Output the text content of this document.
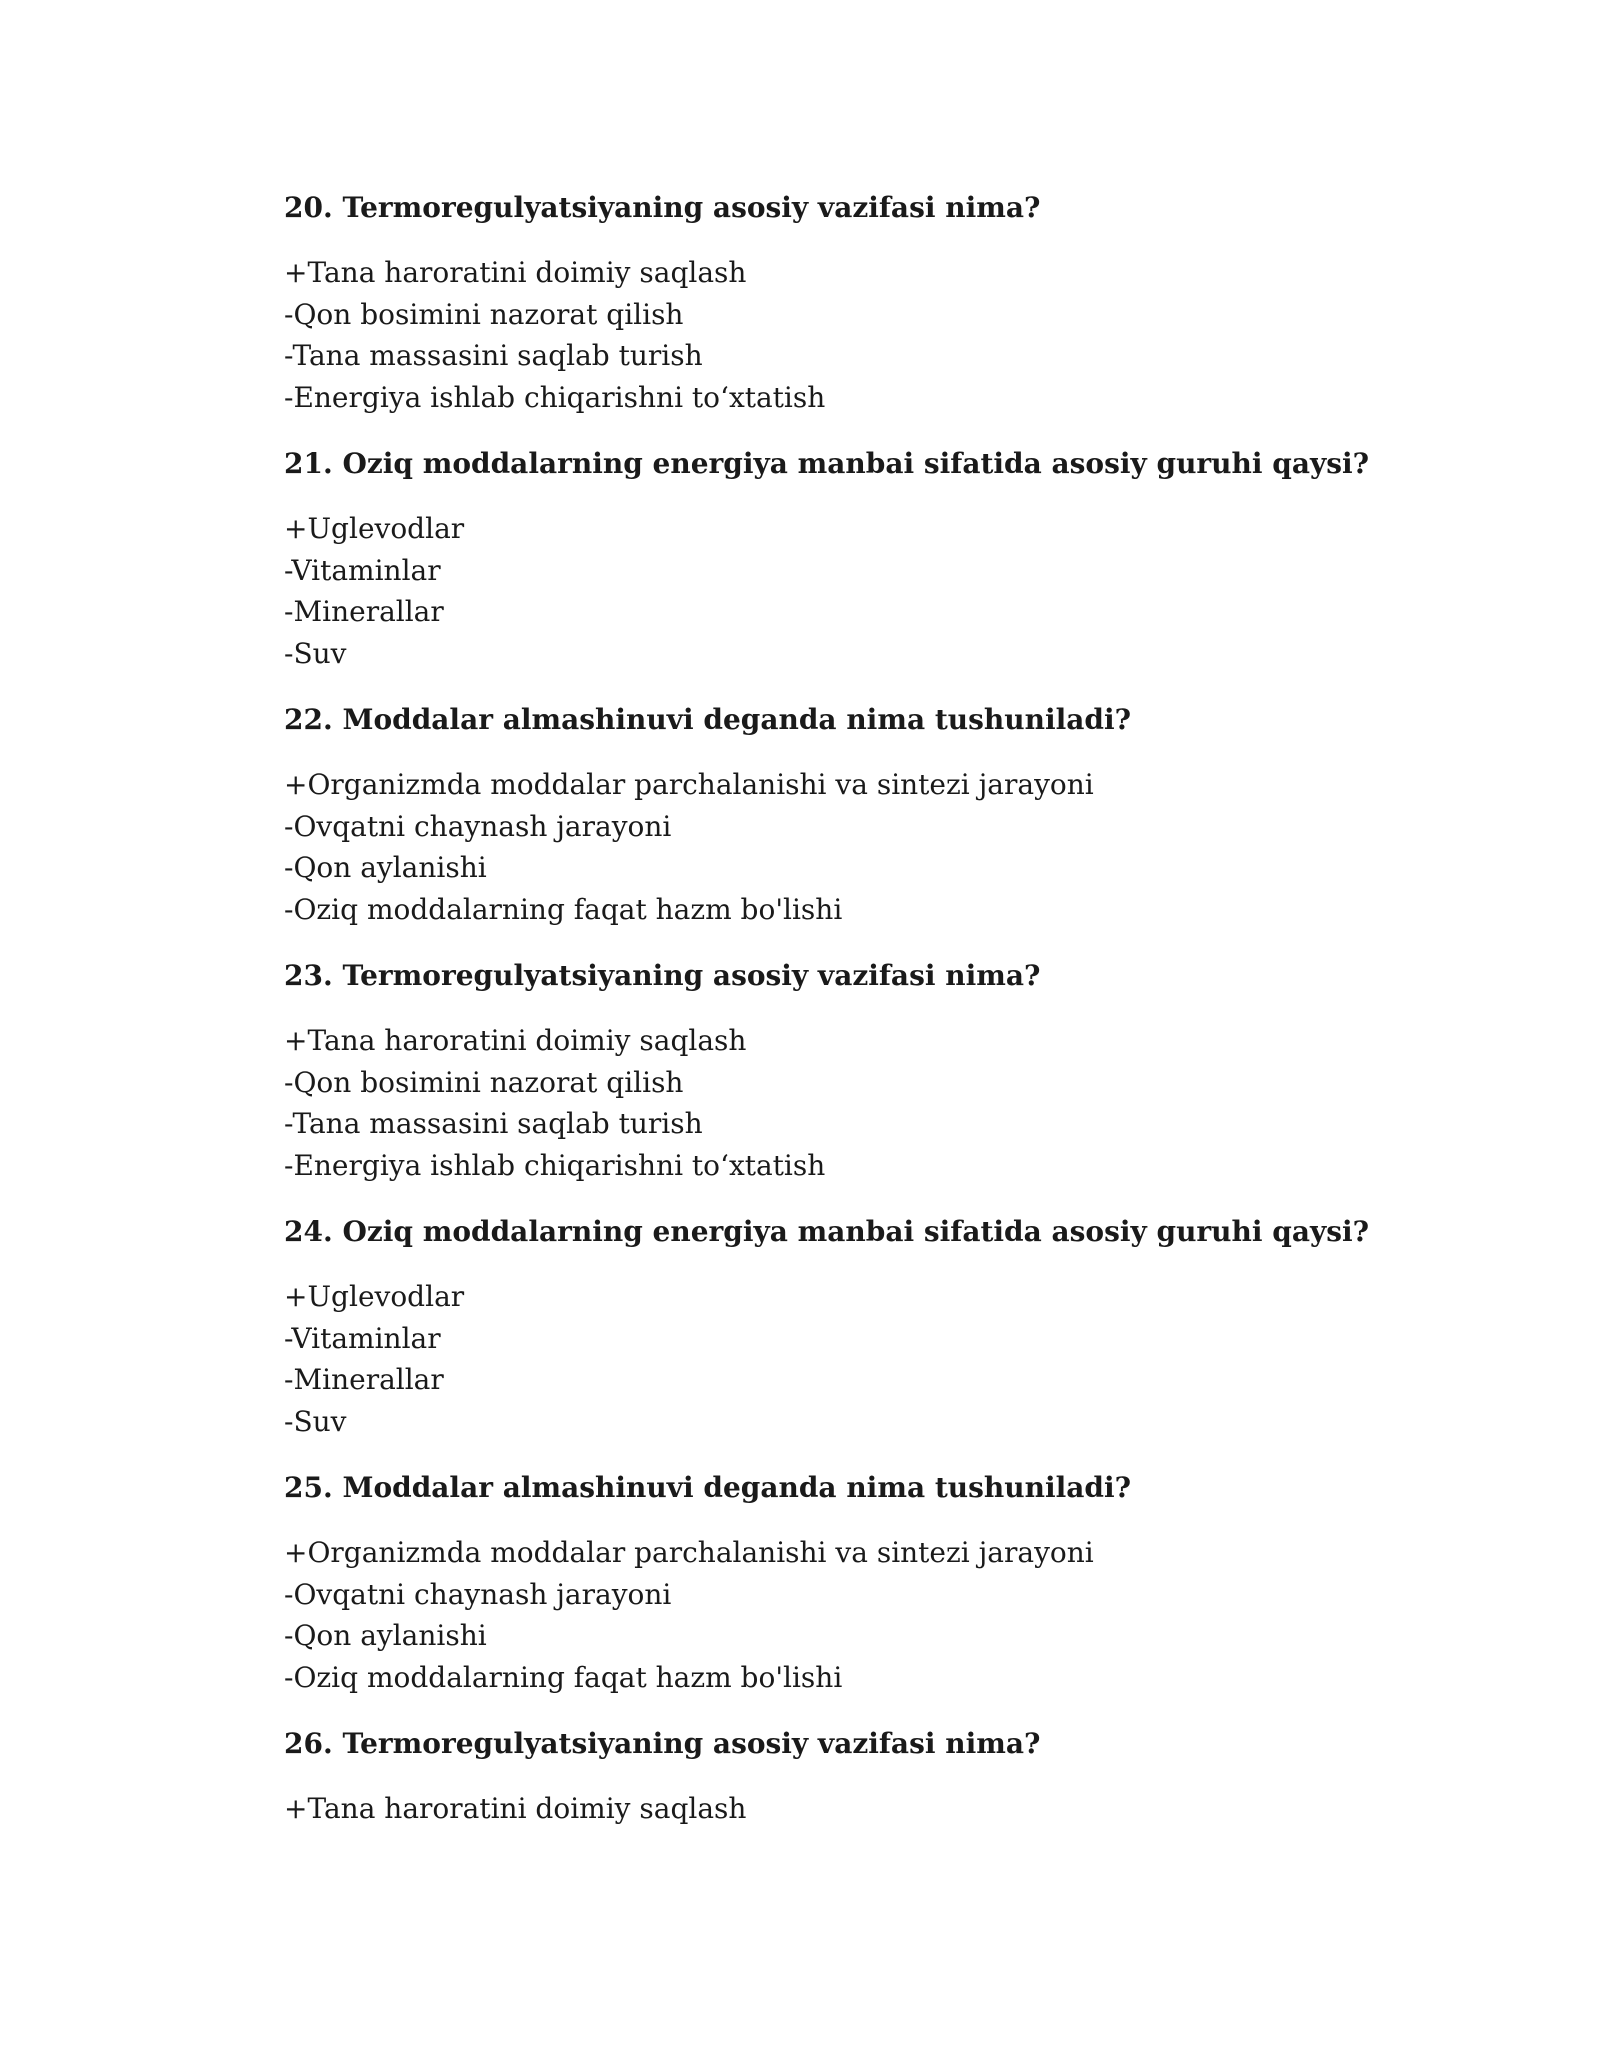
20. Termoregulyatsiyaning asosiy vazifasi nima?
+Tana haroratini doimiy saqlash
-Qon bosimini nazorat qilish
-Tana massasini saqlab turish
-Energiya ishlab chiqarishni to‘xtatish
21. Oziq moddalarning energiya manbai sifatida asosiy guruhi qaysi?
+Uglevodlar
-Vitaminlar
-Minerallar
-Suv
22. Moddalar almashinuvi deganda nima tushuniladi?
+Organizmda moddalar parchalanishi va sintezi jarayoni
-Ovqatni chaynash jarayoni
-Qon aylanishi
-Oziq moddalarning faqat hazm bo'lishi
23. Termoregulyatsiyaning asosiy vazifasi nima?
+Tana haroratini doimiy saqlash
-Qon bosimini nazorat qilish
-Tana massasini saqlab turish
-Energiya ishlab chiqarishni to‘xtatish
24. Oziq moddalarning energiya manbai sifatida asosiy guruhi qaysi?
+Uglevodlar
-Vitaminlar
-Minerallar
-Suv
25. Moddalar almashinuvi deganda nima tushuniladi?
+Organizmda moddalar parchalanishi va sintezi jarayoni
-Ovqatni chaynash jarayoni
-Qon aylanishi
-Oziq moddalarning faqat hazm bo'lishi
26. Termoregulyatsiyaning asosiy vazifasi nima?
+Tana haroratini doimiy saqlash
